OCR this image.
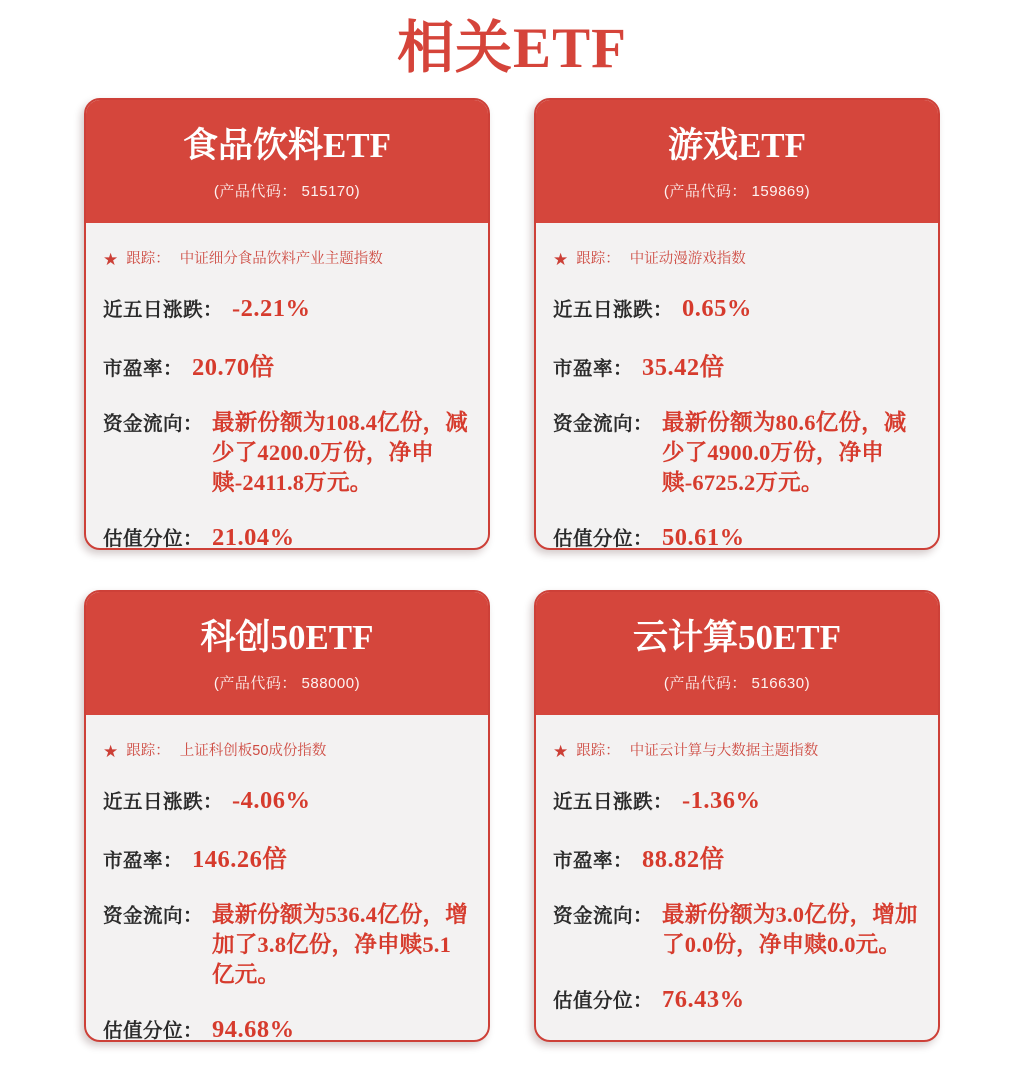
相关ETF
食品饮料ETF
(产品代码： 515170)
★ 跟踪： 中证细分食品饮料产业主题指数
近五日涨跌： -2.21%
市盈率： 20.70倍
资金流向： 最新份额为108.4亿份，减少了4200.0万份，净申赎-2411.8万元。
估值分位： 21.04%
游戏ETF
(产品代码： 159869)
★ 跟踪： 中证动漫游戏指数
近五日涨跌： 0.65%
市盈率： 35.42倍
资金流向： 最新份额为80.6亿份，减少了4900.0万份，净申赎-6725.2万元。
估值分位： 50.61%
科创50ETF
(产品代码： 588000)
★ 跟踪： 上证科创板50成份指数
近五日涨跌： -4.06%
市盈率： 146.26倍
资金流向： 最新份额为536.4亿份，增加了3.8亿份，净申赎5.1亿元。
估值分位： 94.68%
云计算50ETF
(产品代码： 516630)
★ 跟踪： 中证云计算与大数据主题指数
近五日涨跌： -1.36%
市盈率： 88.82倍
资金流向： 最新份额为3.0亿份，增加了0.0份，净申赎0.0元。
估值分位： 76.43%
